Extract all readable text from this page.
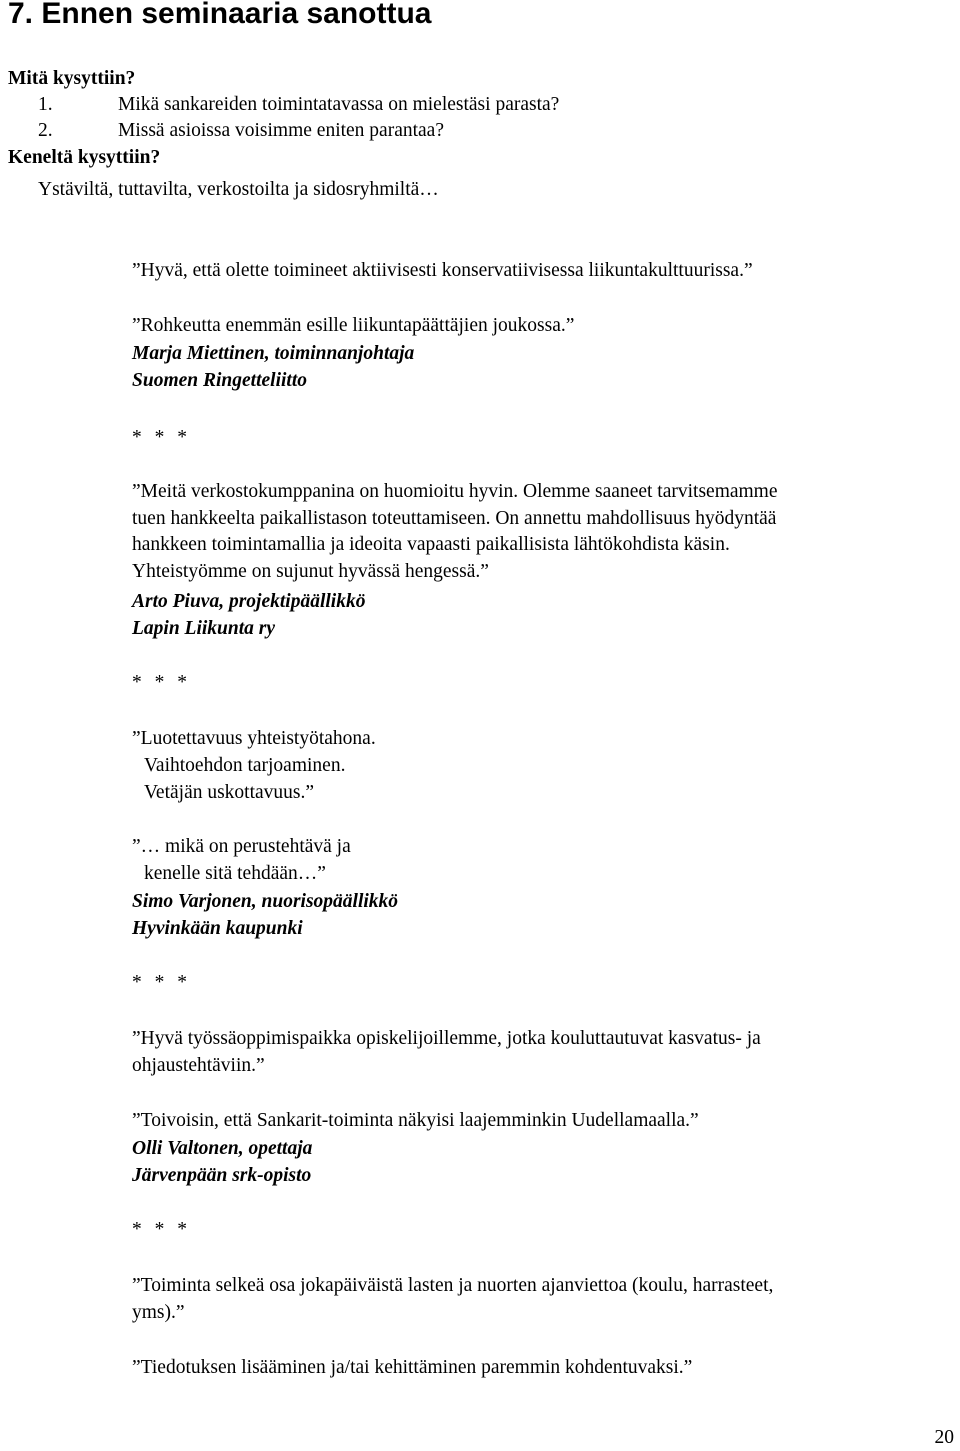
7. Ennen seminaaria sanottua
Mitä kysyttiin?
1.	Mikä sankareiden toimintatavassa on mielestäsi parasta?
2.	Missä asioissa voisimme eniten parantaa?
Keneltä kysyttiin?
Ystäviltä, tuttavilta, verkostoilta ja sidosryhmiltä…
”Hyvä, että olette toimineet aktiivisesti konservatiivisessa liikuntakulttuurissa.”
”Rohkeutta enemmän esille liikuntapäättäjien joukossa.”
Marja Miettinen, toiminnanjohtaja
Suomen Ringetteliitto
* * *
”Meitä verkostokumppanina on huomioitu hyvin. Olemme saaneet tarvitsemamme
tuen hankkeelta paikallistason toteuttamiseen. On annettu mahdollisuus hyödyntää
hankkeen toimintamallia ja ideoita vapaasti paikallisista lähtökohdista käsin.
Yhteistyömme on sujunut hyvässä hengessä.”
Arto Piuva, projektipäällikkö
Lapin Liikunta ry
* * *
”Luotettavuus yhteistyötahona.
Vaihtoehdon tarjoaminen.
Vetäjän uskottavuus.”
”… mikä on perustehtävä ja
kenelle sitä tehdään…”
Simo Varjonen, nuorisopäällikkö
Hyvinkään kaupunki
* * *
”Hyvä työssäoppimispaikka opiskelijoillemme, jotka kouluttautuvat kasvatus- ja
ohjaustehtäviin.”
”Toivoisin, että Sankarit-toiminta näkyisi laajemminkin Uudellamaalla.”
Olli Valtonen, opettaja
Järvenpään srk-opisto
* * *
”Toiminta selkeä osa jokapäiväistä lasten ja nuorten ajanviettoa (koulu, harrasteet,
yms).”
”Tiedotuksen lisääminen ja/tai kehittäminen paremmin kohdentuvaksi.”
20
